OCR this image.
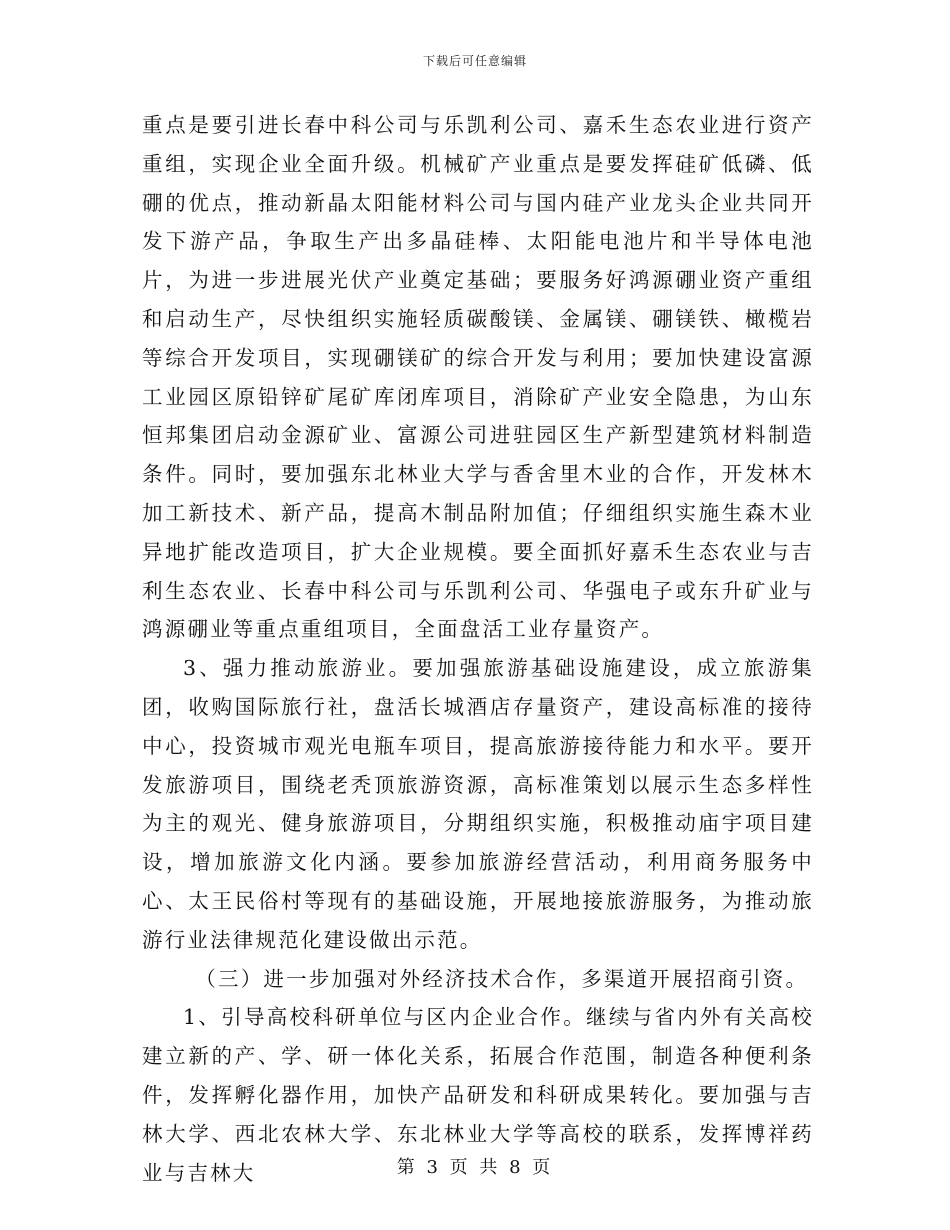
下载后可任意编辑

重点是要引进长春中科公司与乐凯利公司、嘉禾生态农业进行资产重组，实现企业全面升级。机械矿产业重点是要发挥硅矿低磷、低硼的优点，推动新晶太阳能材料公司与国内硅产业龙头企业共同开发下游产品，争取生产出多晶硅棒、太阳能电池片和半导体电池片，为进一步进展光伏产业奠定基础；要服务好鸿源硼业资产重组和启动生产，尽快组织实施轻质碳酸镁、金属镁、硼镁铁、橄榄岩等综合开发项目，实现硼镁矿的综合开发与利用；要加快建设富源工业园区原铅锌矿尾矿库闭库项目，消除矿产业安全隐患，为山东恒邦集团启动金源矿业、富源公司进驻园区生产新型建筑材料制造条件。同时，要加强东北林业大学与香舍里木业的合作，开发林木加工新技术、新产品，提高木制品附加值；仔细组织实施生森木业异地扩能改造项目，扩大企业规模。要全面抓好嘉禾生态农业与吉利生态农业、长春中科公司与乐凯利公司、华强电子或东升矿业与鸿源硼业等重点重组项目，全面盘活工业存量资产。

3、强力推动旅游业。要加强旅游基础设施建设，成立旅游集团，收购国际旅行社，盘活长城酒店存量资产，建设高标准的接待中心，投资城市观光电瓶车项目，提高旅游接待能力和水平。要开发旅游项目，围绕老秃顶旅游资源，高标准策划以展示生态多样性为主的观光、健身旅游项目，分期组织实施，积极推动庙宇项目建设，增加旅游文化内涵。要参加旅游经营活动，利用商务服务中心、太王民俗村等现有的基础设施，开展地接旅游服务，为推动旅游行业法律规范化建设做出示范。

（三）进一步加强对外经济技术合作，多渠道开展招商引资。

1、引导高校科研单位与区内企业合作。继续与省内外有关高校建立新的产、学、研一体化关系，拓展合作范围，制造各种便利条件，发挥孵化器作用，加快产品研发和科研成果转化。要加强与吉林大学、西北农林大学、东北林业大学等高校的联系，发挥博祥药业与吉林大	第 3 页 共 8 页
